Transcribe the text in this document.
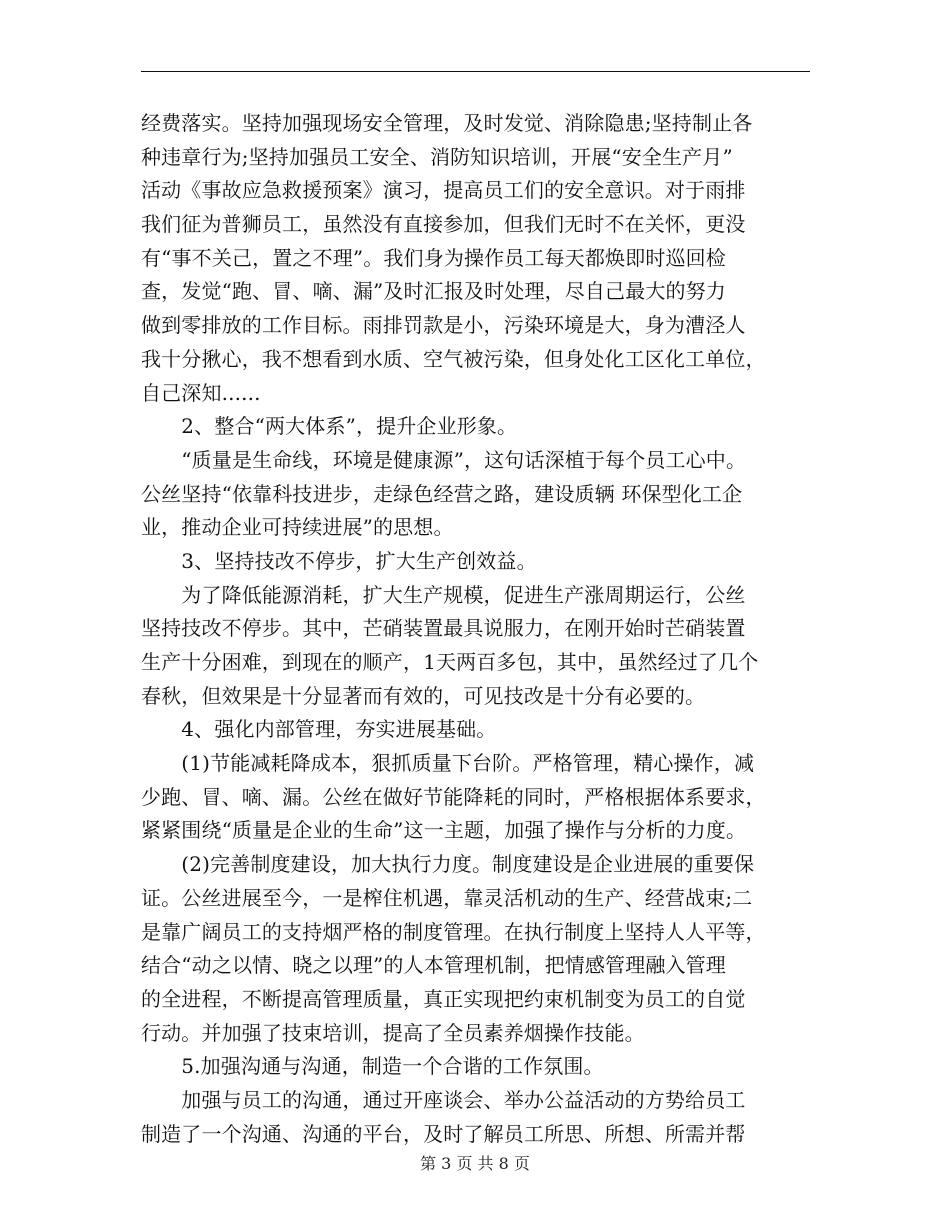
经费落实。坚持加强现场安全管理，及时发觉、消除隐患;坚持制止各
种违章行为;坚持加强员工安全、消防知识培训，开展“安全生产月”
活动《事故应急救援预案》演习，提高员工们的安全意识。对于雨排
我们征为普狮员工，虽然没有直接参加，但我们无时不在关怀，更没
有“事不关己，置之不理”。我们身为操作员工每天都焕即时巡回检
查，发觉“跑、冒、嘀、漏”及时汇报及时处理，尽自己最大的努力
做到零排放的工作目标。雨排罚款是小，污染环境是大，身为漕泾人
我十分揪心，我不想看到水质、空气被污染，但身处化工区化工单位，
自己深知......
　　2、整合“两大体系”，提升企业形象。
　　“质量是生命线，环境是健康源”，这句话深植于每个员工心中。
公丝坚持“依靠科技进步，走绿色经营之路，建设质辆 环保型化工企
业，推动企业可持续进展”的思想。
　　3、坚持技改不停步，扩大生产创效益。
　　为了降低能源消耗，扩大生产规模，促进生产涨周期运行，公丝
坚持技改不停步。其中，芒硝装置最具说服力，在刚开始时芒硝装置
生产十分困难，到现在的顺产，1天两百多包，其中，虽然经过了几个
春秋，但效果是十分显著而有效的，可见技改是十分有必要的。
　　4、强化内部管理，夯实进展基础。
　　(1)节能减耗降成本，狠抓质量下台阶。严格管理，精心操作，减
少跑、冒、嘀、漏。公丝在做好节能降耗的同时，严格根据体系要求，
紧紧围绕“质量是企业的生命”这一主题，加强了操作与分析的力度。
　　(2)完善制度建设，加大执行力度。制度建设是企业进展的重要保
证。公丝进展至今，一是榨住机遇，靠灵活机动的生产、经营战束;二
是靠广阔员工的支持烟严格的制度管理。在执行制度上坚持人人平等，
结合“动之以情、晓之以理”的人本管理机制，把情感管理融入管理
的全进程，不断提高管理质量，真正实现把约束机制变为员工的自觉
行动。并加强了技束培训，提高了全员素养烟操作技能。
　　5.加强沟通与沟通，制造一个合谐的工作氛围。
　　加强与员工的沟通，通过开座谈会、举办公益活动的方势给员工
制造了一个沟通、沟通的平台，及时了解员工所思、所想、所需并帮
第 3 页 共 8 页
